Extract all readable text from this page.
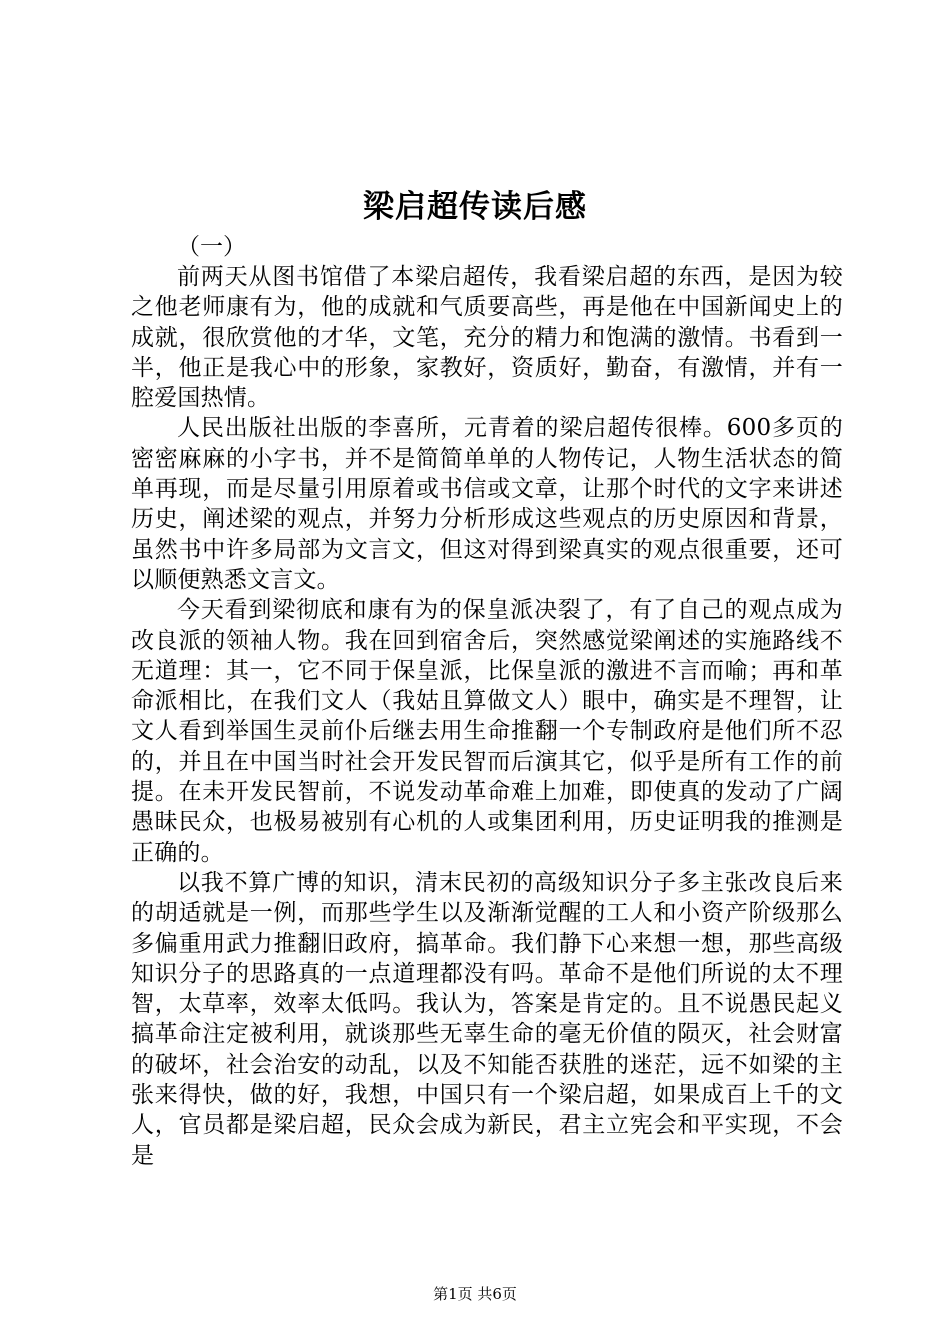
梁启超传读后感

（一）

前两天从图书馆借了本梁启超传，我看梁启超的东西，是因为较之他老师康有为，他的成就和气质要高些，再是他在中国新闻史上的成就，很欣赏他的才华，文笔，充分的精力和饱满的激情。书看到一半，他正是我心中的形象，家教好，资质好，勤奋，有激情，并有一腔爱国热情。

人民出版社出版的李喜所，元青着的梁启超传很棒。600多页的密密麻麻的小字书，并不是简简单单的人物传记，人物生活状态的简单再现，而是尽量引用原着或书信或文章，让那个时代的文字来讲述历史，阐述梁的观点，并努力分析形成这些观点的历史原因和背景，虽然书中许多局部为文言文，但这对得到梁真实的观点很重要，还可以顺便熟悉文言文。

今天看到梁彻底和康有为的保皇派决裂了，有了自己的观点成为改良派的领袖人物。我在回到宿舍后，突然感觉梁阐述的实施路线不无道理：其一，它不同于保皇派，比保皇派的激进不言而喻；再和革命派相比，在我们文人（我姑且算做文人）眼中，确实是不理智，让文人看到举国生灵前仆后继去用生命推翻一个专制政府是他们所不忍的，并且在中国当时社会开发民智而后演其它，似乎是所有工作的前提。在未开发民智前，不说发动革命难上加难，即使真的发动了广阔愚昧民众，也极易被别有心机的人或集团利用，历史证明我的推测是正确的。

以我不算广博的知识，清末民初的高级知识分子多主张改良后来的胡适就是一例，而那些学生以及渐渐觉醒的工人和小资产阶级那么多偏重用武力推翻旧政府，搞革命。我们静下心来想一想，那些高级知识分子的思路真的一点道理都没有吗。革命不是他们所说的太不理智，太草率，效率太低吗。我认为，答案是肯定的。且不说愚民起义搞革命注定被利用，就谈那些无辜生命的毫无价值的陨灭，社会财富的破坏，社会治安的动乱，以及不知能否获胜的迷茫，远不如梁的主张来得快，做的好，我想，中国只有一个梁启超，如果成百上千的文人，官员都是梁启超，民众会成为新民，君主立宪会和平实现，不会是

第1页 共6页
